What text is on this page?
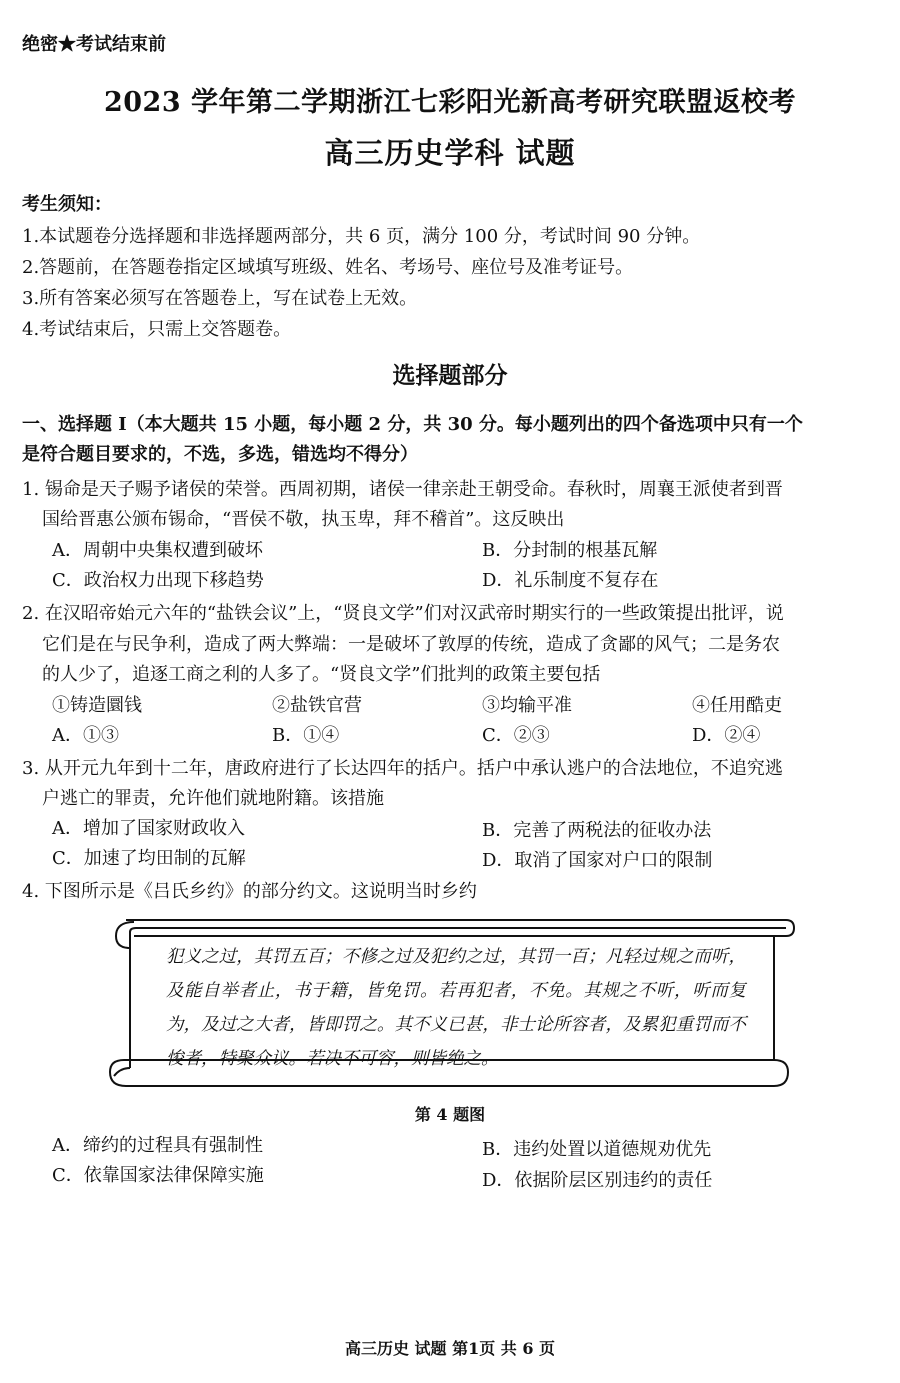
绝密★考试结束前
2023 学年第二学期浙江七彩阳光新高考研究联盟返校考
高三历史学科 试题
考生须知：
1.本试题卷分选择题和非选择题两部分，共 6 页，满分 100 分，考试时间 90 分钟。
2.答题前，在答题卷指定区域填写班级、姓名、考场号、座位号及准考证号。
3.所有答案必须写在答题卷上，写在试卷上无效。
4.考试结束后，只需上交答题卷。
选择题部分
一、选择题 I（本大题共 15 小题，每小题 2 分，共 30 分。每小题列出的四个备选项中只有一个
是符合题目要求的，不选，多选，错选均不得分）
1. 锡命是天子赐予诸侯的荣誉。西周初期，诸侯一律亲赴王朝受命。春秋时，周襄王派使者到晋
国给晋惠公颁布锡命，“晋侯不敬，执玉卑，拜不稽首”。这反映出
A．周朝中央集权遭到破坏	B．分封制的根基瓦解
C．政治权力出现下移趋势	D．礼乐制度不复存在
2. 在汉昭帝始元六年的“盐铁会议”上，“贤良文学”们对汉武帝时期实行的一些政策提出批评，说
它们是在与民争利，造成了两大弊端：一是破坏了敦厚的传统，造成了贪鄙的风气；二是务农
的人少了，追逐工商之利的人多了。“贤良文学”们批判的政策主要包括
①铸造圜钱	②盐铁官营	③均输平准	④任用酷吏
A．①③	B．①④	C．②③	D．②④
3. 从开元九年到十二年，唐政府进行了长达四年的括户。括户中承认逃户的合法地位，不追究逃
户逃亡的罪责，允许他们就地附籍。该措施
A．增加了国家财政收入	B．完善了两税法的征收办法
C．加速了均田制的瓦解	D．取消了国家对户口的限制
4. 下图所示是《吕氏乡约》的部分约文。这说明当时乡约
犯义之过，其罚五百；不修之过及犯约之过，其罚一百；凡轻过规之而听，及能自举者止，书于籍，皆免罚。若再犯者，不免。其规之不听，听而复为，及过之大者，皆即罚之。其不义已甚，非士论所容者，及累犯重罚而不悛者，特聚众议。若决不可容，则皆绝之。
第 4 题图
A．缔约的过程具有强制性	B．违约处置以道德规劝优先
C．依靠国家法律保障实施	D．依据阶层区别违约的责任
高三历史 试题 第1页 共 6 页
